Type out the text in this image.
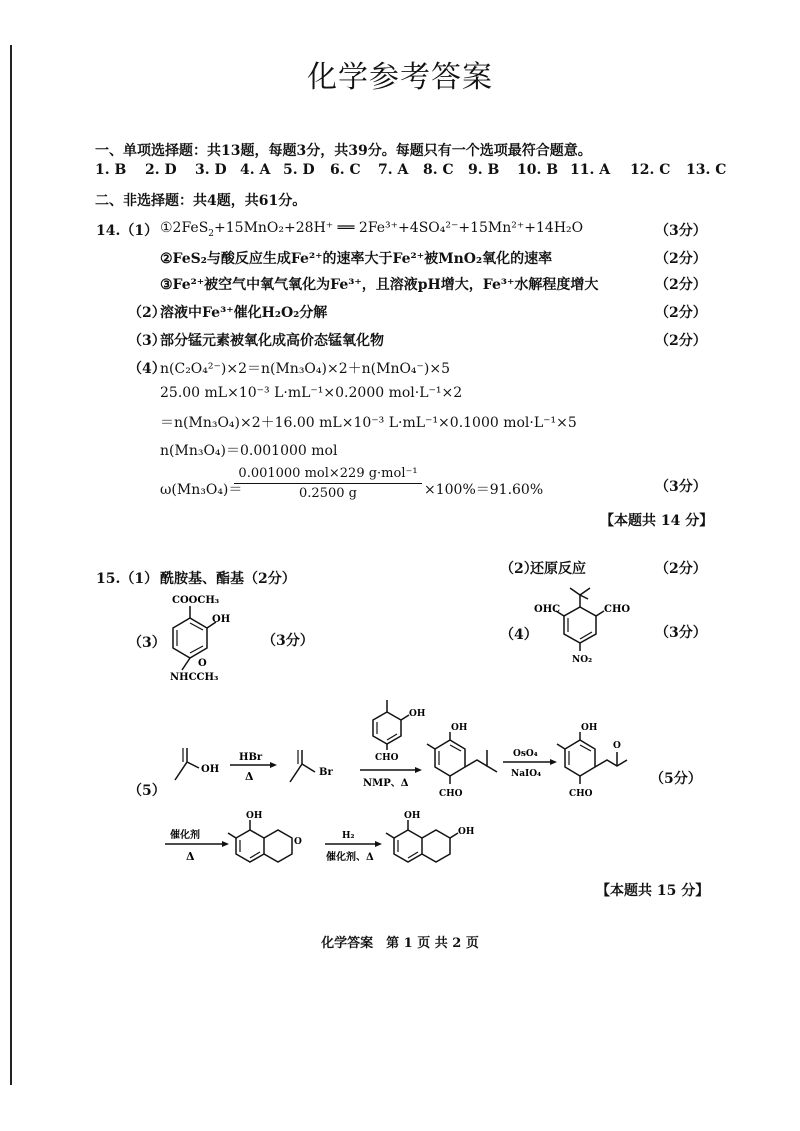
化学参考答案
一、单项选择题：共13题，每题3分，共39分。每题只有一个选项最符合题意。
1. B 2. D 3. D 4. A 5. D 6. C 7. A 8. C 9. B 10. B 11. A 12. C 13. C
二、非选择题：共4题，共61分。
14.（1） ①2FeS$_2$+15MnO₂+28H⁺ ══ 2Fe³⁺+4SO₄²⁻+15Mn²⁺+14H₂O	（3分）
②FeS₂与酸反应生成Fe²⁺的速率大于Fe²⁺被MnO₂氧化的速率	（2分）
③Fe²⁺被空气中氧气氧化为Fe³⁺，且溶液pH增大，Fe³⁺水解程度增大	（2分）
（2）
溶液中Fe³⁺催化H₂O₂分解	（2分）
（3）
部分锰元素被氧化成高价态锰氧化物	（2分）
（4）
n(C₂O₄²⁻)×2＝n(Mn₃O₄)×2＋n(MnO₄⁻)×5
25.00 mL×10⁻³ L·mL⁻¹×0.2000 mol·L⁻¹×2
＝n(Mn₃O₄)×2＋16.00 mL×10⁻³ L·mL⁻¹×0.1000 mol·L⁻¹×5
n(Mn₃O₄)＝0.001000 mol
ω(Mn₃O₄)＝
0.001000 mol×229 g·mol⁻¹
0.2500 g	×100%＝91.60%	（3分）
【本题共 14 分】
15.（1） 酰胺基、酯基（2分）
（2）
还原反应	（2分）
（3）	（3分）	（4）	（3分）
COOCH₃
OH
NHCCH₃
O
OHC	CHO
NO₂
（5）
（5分）
OH
HBr
Δ	Br
OH
CHO
NMP、Δ
OH
CHO
OsO₄
NaIO₄
OH
O
CHO
催化剂
Δ
OH
O
H₂
催化剂、Δ
OH
OH
【本题共 15 分】
化学答案　第 1 页 共 2 页
